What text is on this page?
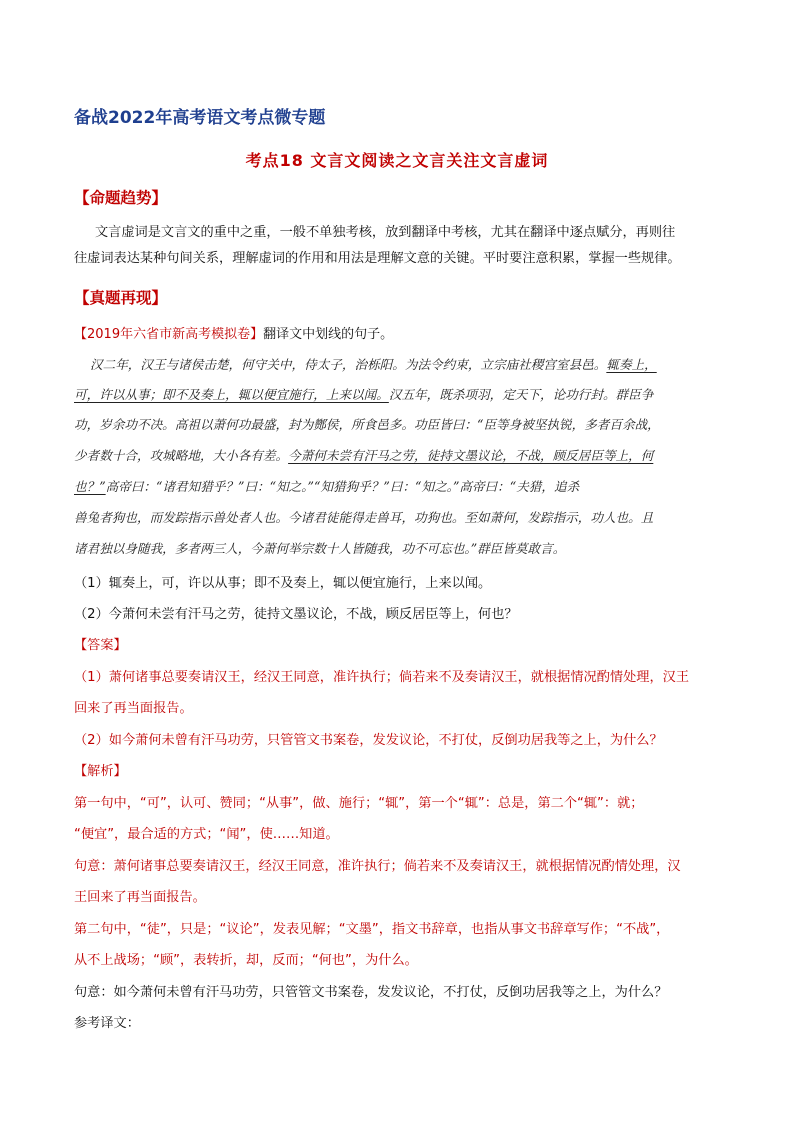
备战2022年高考语文考点微专题
考点18 文言文阅读之文言关注文言虚词
【命题趋势】
文言虚词是文言文的重中之重，一般不单独考核，放到翻译中考核，尤其在翻译中逐点赋分，再则往
往虚词表达某种句间关系，理解虚词的作用和用法是理解文意的关键。平时要注意积累，掌握一些规律。
【真题再现】
【2019年六省市新高考模拟卷】翻译文中划线的句子。
汉二年，汉王与诸侯击楚，何守关中，侍太子，治栎阳。为法令约束，立宗庙社稷宫室县邑。辄奏上，
可，许以从事；即不及奏上，辄以便宜施行，上来以闻。汉五年，既杀项羽，定天下，论功行封。群臣争
功，岁余功不决。高祖以萧何功最盛，封为酂侯，所食邑多。功臣皆曰：“臣等身被坚执锐，多者百余战，
少者数十合，攻城略地，大小各有差。今萧何未尝有汗马之劳，徒持文墨议论，不战，顾反居臣等上，何
也？”高帝曰：“诸君知猎乎？”曰：“知之。”“知猎狗乎？”曰：“知之。”高帝曰：“夫猎，追杀
兽兔者狗也，而发踪指示兽处者人也。今诸君徒能得走兽耳，功狗也。至如萧何，发踪指示，功人也。且
诸君独以身随我，多者两三人，今萧何举宗数十人皆随我，功不可忘也。”群臣皆莫敢言。
（1）辄奏上，可，许以从事；即不及奏上，辄以便宜施行，上来以闻。
（2）今萧何未尝有汗马之劳，徒持文墨议论，不战，顾反居臣等上，何也？
【答案】
（1）萧何诸事总要奏请汉王，经汉王同意，准许执行；倘若来不及奏请汉王，就根据情况酌情处理，汉王
回来了再当面报告。
（2）如今萧何未曾有汗马功劳，只管管文书案卷，发发议论，不打仗，反倒功居我等之上，为什么？
【解析】
第一句中，“可”，认可、赞同；“从事”，做、施行；“辄”，第一个“辄”：总是，第二个“辄”：就；
“便宜”，最合适的方式；“闻”，使……知道。
句意：萧何诸事总要奏请汉王，经汉王同意，准许执行；倘若来不及奏请汉王，就根据情况酌情处理，汉
王回来了再当面报告。
第二句中，“徒”，只是；“议论”，发表见解；“文墨”，指文书辞章，也指从事文书辞章写作；“不战”，
从不上战场；“顾”，表转折，却，反而；“何也”，为什么。
句意：如今萧何未曾有汗马功劳，只管管文书案卷，发发议论，不打仗，反倒功居我等之上，为什么？
参考译文：
